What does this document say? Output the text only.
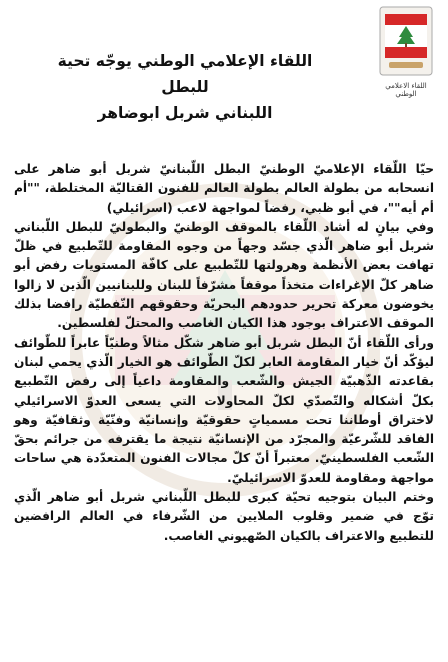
اللقاء الاعلامي الوطني
اللقاء الإعلامي الوطني يوجّه تحية للبطل
اللبناني شربل ابوضاهر

حيّا اللّقاء الإعلاميّ الوطنيّ البطل اللّبنانيّ شربل أبو ضاهر على انسحابه من بطولة العالم بطولة العالم للفنون القتاليّة المختلطة، ""أم أم أيه""، في أبو ظبي، رفضاً لمواجهة لاعب (اسرائيلي)

وفي بيانٍ له أشاد اللّقاء بالموقف الوطنيّ والبطوليّ للبطل اللّبناني شربل أبو ضاهر الّذي جسّد وجهاً من وجوه المقاومة للتّطبيع في ظلّ تهافت بعض الأنظمة وهرولتها للتّطبيع على كافّة المستويات رفض أبو ضاهر كلّ الإغراءات متخذاً موقفاً مشرّفاً للبنان وللبنانيين الّذين لا زالوا يخوضون معركة تحرير حدودهم البحريّة وحقوقهم النّفطيّة رافضا بذلك الموقف الاعتراف بوجود هذا الكيان الغاصب والمحتلّ لفلسطين.

ورأى اللّقاء أنّ البطل شربل أبو ضاهر شكّل مثالاً وطنيّاً عابراً للطّوائف ليؤكّد أنّ خيار المقاومة العابر لكلّ الطّوائف هو الخيار الّذي يحمي لبنان بقاعدته الذّهبيّة الجيش والشّعب والمقاومة داعياً إلى رفض التّطبيع بكلّ أشكاله والتّصدّي لكلّ المحاولات التي يسعى العدوّ الاسرائيلي لاختراق أوطاننا تحت مسمياتٍ حقوقيّة وإنسانيّة وفنّيّة وثقافيّة وهو الفاقد للشّرعيّة والمجرّد من الإنسانيّة نتيجة ما يقترفه من جرائم بحقّ الشّعب الفلسطينيّ. معتبراً أنّ كلّ مجالات الفنون المتعدّدة هي ساحات مواجهة ومقاومة للعدوّ الاسرائيليّ.

وختم البيان بتوجيه تحيّة كبرى للبطل اللّبناني شربل أبو ضاهر الّذي توّج في ضمير وقلوب الملايين من الشّرفاء في العالم الرافضين للتطبيع والاعتراف بالكيان الصّهيوني الغاصب.
